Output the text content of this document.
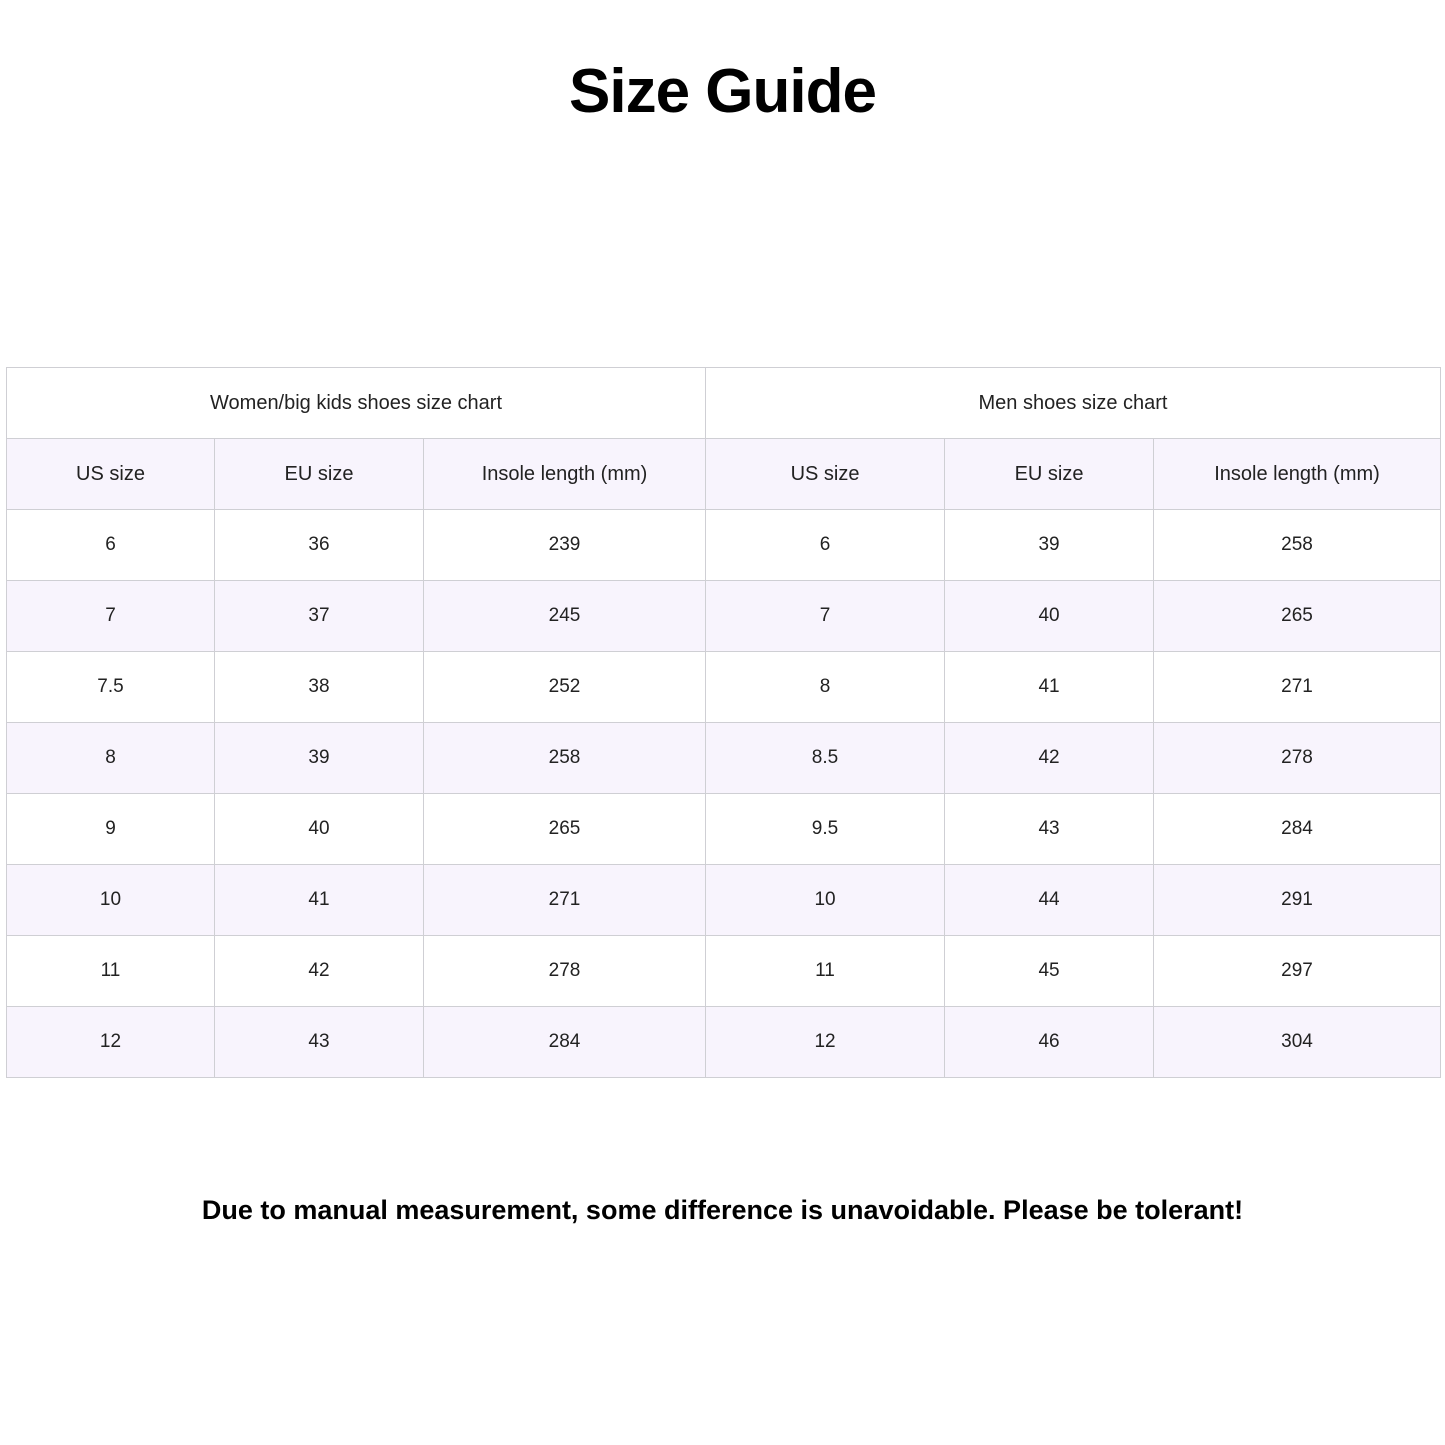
Size Guide
Women/big kids shoes size chart			Men shoes size chart		
US size	EU size	Insole length (mm)	US size	EU size	Insole length (mm)
6	36	239	6	39	258
7	37	245	7	40	265
7.5	38	252	8	41	271
8	39	258	8.5	42	278
9	40	265	9.5	43	284
10	41	271	10	44	291
11	42	278	11	45	297
12	43	284	12	46	304
Due to manual measurement, some difference is unavoidable. Please be tolerant!
